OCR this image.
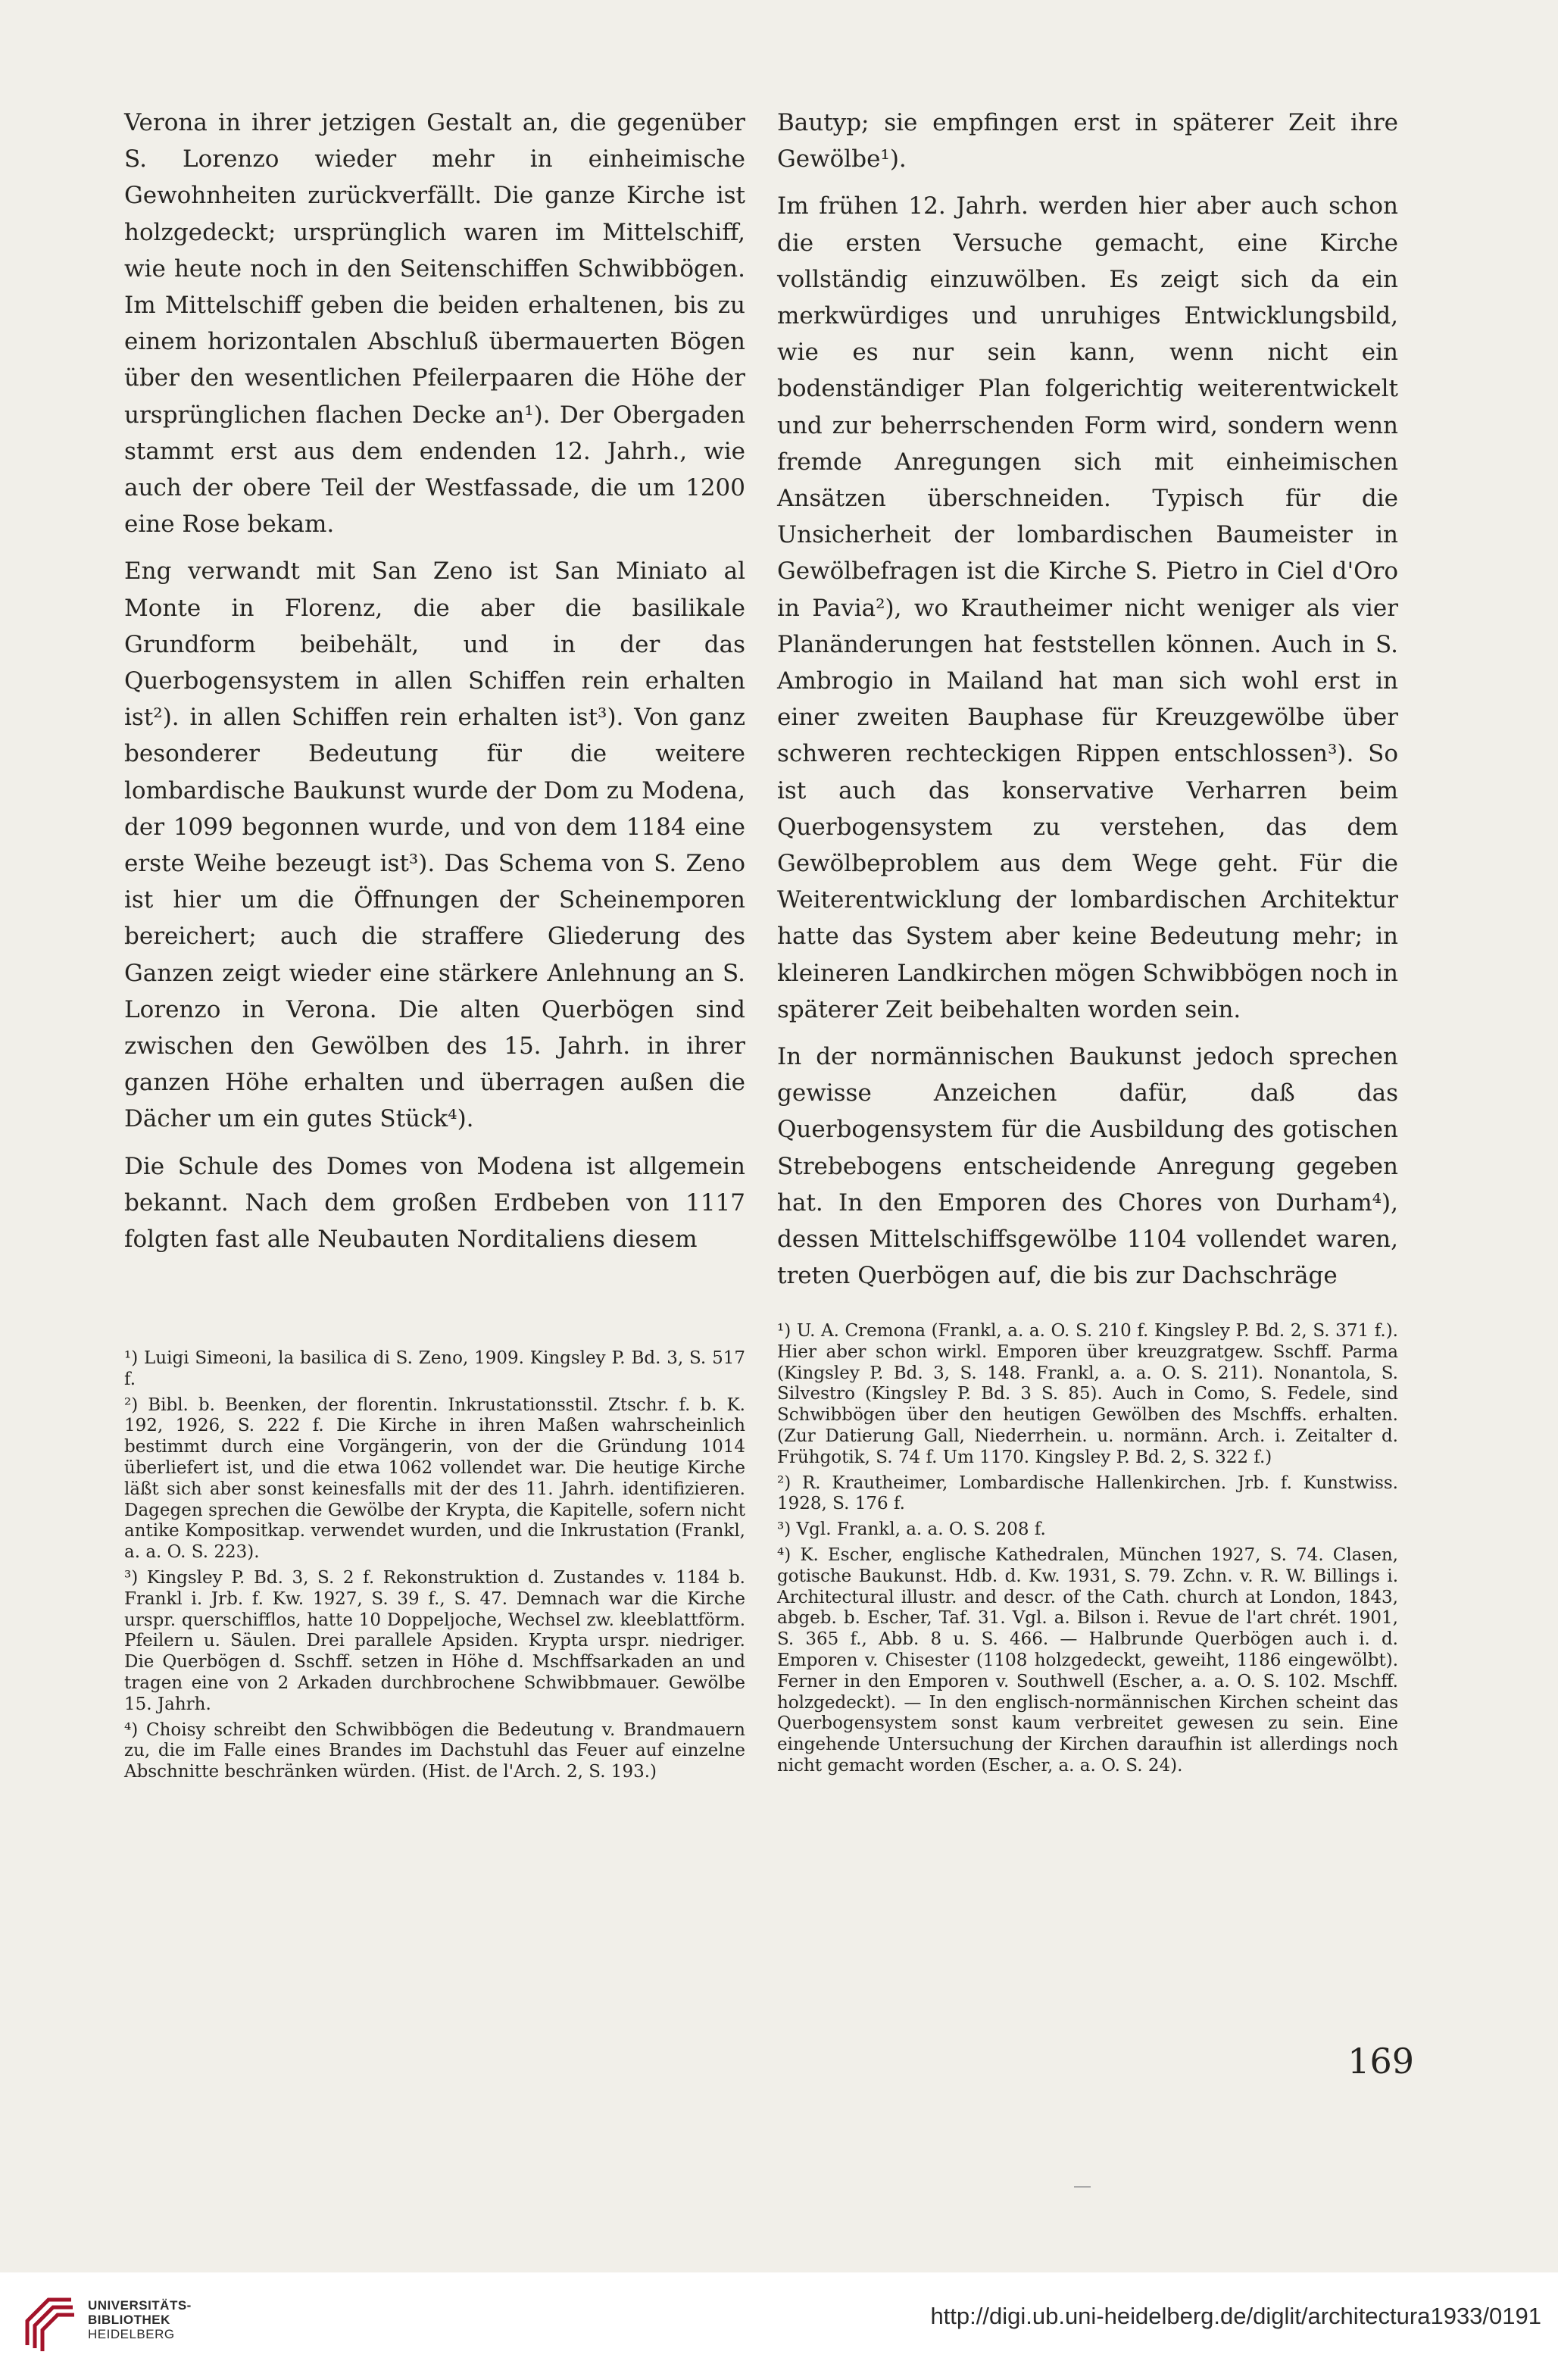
Verona in ihrer jetzigen Gestalt an, die gegenüber S. Lorenzo wieder mehr in einheimische Gewohnheiten zurückverfällt. Die ganze Kirche ist holzgedeckt; ursprünglich waren im Mittelschiff, wie heute noch in den Seitenschiffen Schwibbögen. Im Mittelschiff geben die beiden erhaltenen, bis zu einem horizontalen Abschluß übermauerten Bögen über den wesentlichen Pfeilerpaaren die Höhe der ursprünglichen flachen Decke an¹). Der Obergaden stammt erst aus dem endenden 12. Jahrh., wie auch der obere Teil der Westfassade, die um 1200 eine Rose bekam.

Eng verwandt mit San Zeno ist San Miniato al Monte in Florenz, die aber die basilikale Grundform beibehält, und in der das Querbogensystem in allen Schiffen rein erhalten ist²). in allen Schiffen rein erhalten ist³). Von ganz besonderer Bedeutung für die weitere lombardische Baukunst wurde der Dom zu Modena, der 1099 begonnen wurde, und von dem 1184 eine erste Weihe bezeugt ist³). Das Schema von S. Zeno ist hier um die Öffnungen der Scheinemporen bereichert; auch die straffere Gliederung des Ganzen zeigt wieder eine stärkere Anlehnung an S. Lorenzo in Verona. Die alten Querbögen sind zwischen den Gewölben des 15. Jahrh. in ihrer ganzen Höhe erhalten und überragen außen die Dächer um ein gutes Stück⁴).

Die Schule des Domes von Modena ist allgemein bekannt. Nach dem großen Erdbeben von 1117 folgten fast alle Neubauten Norditaliens diesem

Bautyp; sie empfingen erst in späterer Zeit ihre Gewölbe¹).

Im frühen 12. Jahrh. werden hier aber auch schon die ersten Versuche gemacht, eine Kirche vollständig einzuwölben. Es zeigt sich da ein merkwürdiges und unruhiges Entwicklungsbild, wie es nur sein kann, wenn nicht ein bodenständiger Plan folgerichtig weiterentwickelt und zur beherrschenden Form wird, sondern wenn fremde Anregungen sich mit einheimischen Ansätzen überschneiden. Typisch für die Unsicherheit der lombardischen Baumeister in Gewölbefragen ist die Kirche S. Pietro in Ciel d'Oro in Pavia²), wo Krautheimer nicht weniger als vier Planänderungen hat feststellen können. Auch in S. Ambrogio in Mailand hat man sich wohl erst in einer zweiten Bauphase für Kreuzgewölbe über schweren rechteckigen Rippen entschlossen³). So ist auch das konservative Verharren beim Querbogensystem zu verstehen, das dem Gewölbeproblem aus dem Wege geht. Für die Weiterentwicklung der lombardischen Architektur hatte das System aber keine Bedeutung mehr; in kleineren Landkirchen mögen Schwibbögen noch in späterer Zeit beibehalten worden sein.

In der normännischen Baukunst jedoch sprechen gewisse Anzeichen dafür, daß das Querbogensystem für die Ausbildung des gotischen Strebebogens entscheidende Anregung gegeben hat. In den Emporen des Chores von Durham⁴), dessen Mittelschiffsgewölbe 1104 vollendet waren, treten Querbögen auf, die bis zur Dachschräge

¹) Luigi Simeoni, la basilica di S. Zeno, 1909. Kingsley P. Bd. 3, S. 517 f.

²) Bibl. b. Beenken, der florentin. Inkrustationsstil. Ztschr. f. b. K. 192, 1926, S. 222 f. Die Kirche in ihren Maßen wahrscheinlich bestimmt durch eine Vorgängerin, von der die Gründung 1014 überliefert ist, und die etwa 1062 vollendet war. Die heutige Kirche läßt sich aber sonst keinesfalls mit der des 11. Jahrh. identifizieren. Dagegen sprechen die Gewölbe der Krypta, die Kapitelle, sofern nicht antike Kompositkap. verwendet wurden, und die Inkrustation (Frankl, a. a. O. S. 223).

³) Kingsley P. Bd. 3, S. 2 f. Rekonstruktion d. Zustandes v. 1184 b. Frankl i. Jrb. f. Kw. 1927, S. 39 f., S. 47. Demnach war die Kirche urspr. querschifflos, hatte 10 Doppeljoche, Wechsel zw. kleeblattförm. Pfeilern u. Säulen. Drei parallele Apsiden. Krypta urspr. niedriger. Die Querbögen d. Sschff. setzen in Höhe d. Mschffsarkaden an und tragen eine von 2 Arkaden durchbrochene Schwibbmauer. Gewölbe 15. Jahrh.

⁴) Choisy schreibt den Schwibbögen die Bedeutung v. Brandmauern zu, die im Falle eines Brandes im Dachstuhl das Feuer auf einzelne Abschnitte beschränken würden. (Hist. de l'Arch. 2, S. 193.)

¹) U. A. Cremona (Frankl, a. a. O. S. 210 f. Kingsley P. Bd. 2, S. 371 f.). Hier aber schon wirkl. Emporen über kreuzgratgew. Sschff. Parma (Kingsley P. Bd. 3, S. 148. Frankl, a. a. O. S. 211). Nonantola, S. Silvestro (Kingsley P. Bd. 3 S. 85). Auch in Como, S. Fedele, sind Schwibbögen über den heutigen Gewölben des Mschffs. erhalten. (Zur Datierung Gall, Niederrhein. u. normänn. Arch. i. Zeitalter d. Frühgotik, S. 74 f. Um 1170. Kingsley P. Bd. 2, S. 322 f.)

²) R. Krautheimer, Lombardische Hallenkirchen. Jrb. f. Kunstwiss. 1928, S. 176 f.

³) Vgl. Frankl, a. a. O. S. 208 f.

⁴) K. Escher, englische Kathedralen, München 1927, S. 74. Clasen, gotische Baukunst. Hdb. d. Kw. 1931, S. 79. Zchn. v. R. W. Billings i. Architectural illustr. and descr. of the Cath. church at London, 1843, abgeb. b. Escher, Taf. 31. Vgl. a. Bilson i. Revue de l'art chrét. 1901, S. 365 f., Abb. 8 u. S. 466. — Halbrunde Querbögen auch i. d. Emporen v. Chisester (1108 holzgedeckt, geweiht, 1186 eingewölbt). Ferner in den Emporen v. Southwell (Escher, a. a. O. S. 102. Mschff. holzgedeckt). — In den englisch-normännischen Kirchen scheint das Querbogensystem sonst kaum verbreitet gewesen zu sein. Eine eingehende Untersuchung der Kirchen daraufhin ist allerdings noch nicht gemacht worden (Escher, a. a. O. S. 24).

169
UNIVERSITÄTS-
BIBLIOTHEK
HEIDELBERG
http://digi.ub.uni-heidelberg.de/diglit/architectura1933/0191
